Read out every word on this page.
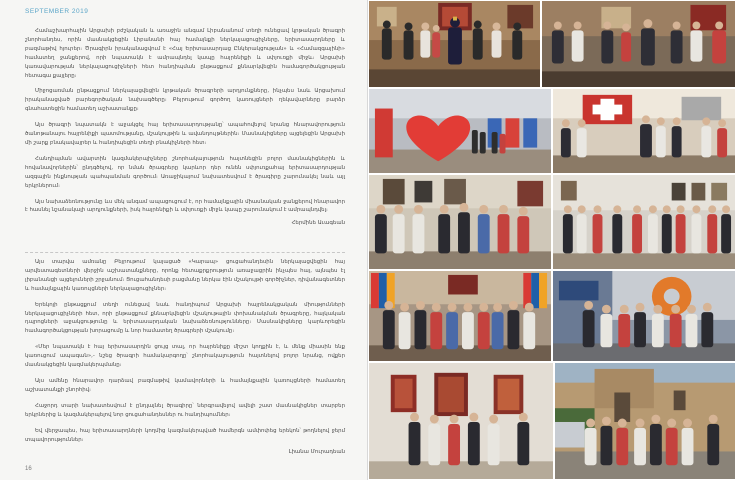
SEPTEMBER 2019

Համաշխարհային Արցախի բժշկական և առաջին անգամ Լիբանանում տեղի ունեցավ կրթական ծրագրի շնորհանդես, որին մասնակցեցին Լիբանանի հայ համայնքի ներկայացուցիչները, երիտասարդները և բազմաթիվ հյուրեր։ Ծրագիրն իրականացվում է «Հայ Երիտասարդաց Ընկերակցության» և «Համազգայինի» համատեղ ջանքերով, որի նպատակն է ամրապնդել կապը հայրենիքի և սփյուռքի միջև։ Արցախի կառավարության ներկայացուցիչների հետ հանդիպման ընթացքում քննարկվեցին համագործակցության հետագա քայլերը։

Միջոցառման ընթացքում ներկայացվեցին կրթական ծրագրերի արդյունքները, ինչպես նաև Արցախում իրականացված բարեգործական նախագծերը։ Բեյրութում գործող կառույցների ղեկավարները բարձր գնահատեցին համատեղ աշխատանքը։

Այս ծրագրի նպատակն է աջակցել հայ երիտասարդությանը՝ ապահովելով նրանց հնարավորություն ծանոթանալու հայրենիքի պատմությանը, մշակույթին և ավանդույթներին։ Մասնակիցները այցելեցին Արցախի մի շարք բնակավայրեր և հանդիպեցին տեղի բնակիչների հետ։

Հանդիպման ավարտին կազմակերպիչները շնորհակալություն հայտնեցին բոլոր մասնակիցներին և հովանավորներին՝ ընդգծելով, որ նման ծրագրերը կարևոր դեր ունեն սփյուռքահայ երիտասարդության ազգային ինքնության պահպանման գործում։ Առաջիկայում նախատեսվում է ծրագիրը շարունակել նաև այլ երկրներում։

Այս նախաձեռնությունը ևս մեկ անգամ ապացուցում է, որ համայնքային միասնական ջանքերով հնարավոր է հասնել նշանակալի արդյունքների, իսկ հայրենիքի և սփյուռքի միջև կապը շարունակում է ամրապնդվել։

Հերմինե Աւագեան

Այս տարվա ամռանը Բեյրութում կայացած «Կարապ» ցուցահանդեսին ներկայացվեցին հայ արվեստագետների վերջին աշխատանքները, որոնք հետաքրքրություն առաջացրին ինչպես հայ, այնպես էլ լիբանանցի այցելուների շրջանում։ Ցուցահանդեսի բացմանը ներկա էին մշակույթի գործիչներ, դիվանագետներ և համայնքային կառույցների ներկայացուցիչներ։

Երեկոյի ընթացքում տեղի ունեցավ նաև հանդիպում Արցախի հայրենակցական միությունների ներկայացուցիչների հետ, որի ընթացքում քննարկվեցին մշակութային փոխանակման ծրագրերը, հայկական դպրոցների աջակցությունը և երիտասարդական նախաձեռնությունները։ Մասնակիցները կարևորեցին համագործակցության խորացումը և նոր համատեղ ծրագրերի մշակումը։

«Մեր նպատակն է հայ երիտասարդին ցույց տալ, որ հայրենիքը միշտ կողքին է, և մենք միասին ենք կառուցում ապագան»,- նշեց ծրագրի համակարգողը՝ շնորհակալություն հայտնելով բոլոր նրանց, ովքեր մասնակցեցին կազմակերպմանը։

Այս ամենը հնարավոր դարձավ բազմաթիվ կամավորների և համայնքային կառույցների համատեղ աշխատանքի շնորհիվ։

Հաջորդ տարի նախատեսվում է ընդլայնել ծրագիրը՝ ներգրավելով ավելի շատ մասնակիցներ տարբեր երկրներից և կազմակերպելով նոր ցուցահանդեսներ ու հանդիպումներ։

Եվ վերջապես, հայ երիտասարդների կողմից կազմակերպված համերգն ամփոփեց երեկոն՝ թողնելով ջերմ տպավորություններ։

Լիանա Մուրադեան
16
